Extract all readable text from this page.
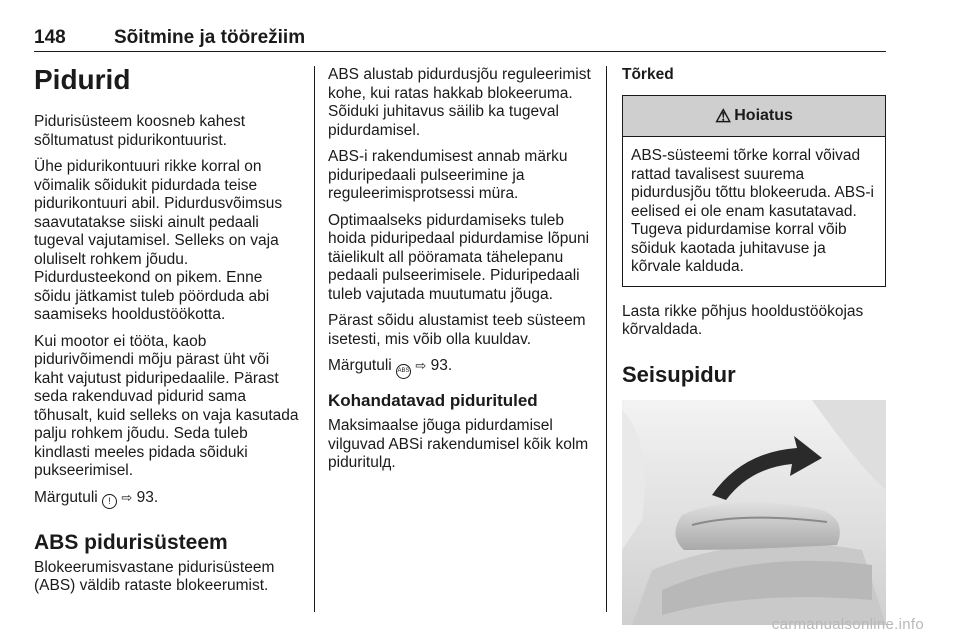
148	Sõitmine ja töörežiim
Pidurid

Pidurisüsteem koosneb kahest sõltumatust pidurikontuurist.

Ühe pidurikontuuri rikke korral on võimalik sõidukit pidurdada teise pidurikontuuri abil. Pidurdusvõimsus saavutatakse siiski ainult pedaali tugeval vajutamisel. Selleks on vaja oluliselt rohkem jõudu. Pidurdusteekond on pikem. Enne sõidu jätkamist tuleb pöörduda abi saamiseks hooldustöökotta.

Kui mootor ei tööta, kaob pidurivõimendi mõju pärast üht või kaht vajutust piduripedaalile. Pärast seda rakenduvad pidurid sama tõhusalt, kuid selleks on vaja kasutada palju rohkem jõudu. Seda tuleb kindlasti meeles pidada sõiduki pukseerimisel.

Märgutuli ! ⇨ 93.

ABS pidurisüsteem

Blokeerumisvastane pidurisüsteem (ABS) väldib rataste blokeerumist.

ABS alustab pidurdusjõu reguleerimist kohe, kui ratas hakkab blokeeruma. Sõiduki juhitavus säilib ka tugeval pidurdamisel.

ABS-i rakendumisest annab märku piduripedaali pulseerimine ja reguleerimisprotsessi müra.

Optimaalseks pidurdamiseks tuleb hoida piduripedaal pidurdamise lõpuni täielikult all pööramata tähelepanu pedaali pulseerimisele. Piduripedaali tuleb vajutada muutumatu jõuga.

Pärast sõidu alustamist teeb süsteem isetesti, mis võib olla kuuldav.

Märgutuli ABS ⇨ 93.

Kohandatavad pidurituled

Maksimaalse jõuga pidurdamisel vilguvad ABSi rakendumisel kõik kolm piduritulд.

Tõrked
⚠ Hoiatus
ABS-süsteemi tõrke korral võivad rattad tavalisest suurema pidurdusjõu tõttu blokeeruda. ABS-i eelised ei ole enam kasutatavad. Tugeva pidurdamise korral võib sõiduk kaotada juhitavuse ja kõrvale kalduda.

Lasta rikke põhjus hooldustöökojas kõrvaldada.

Seisupidur
carmanualsonline.info
